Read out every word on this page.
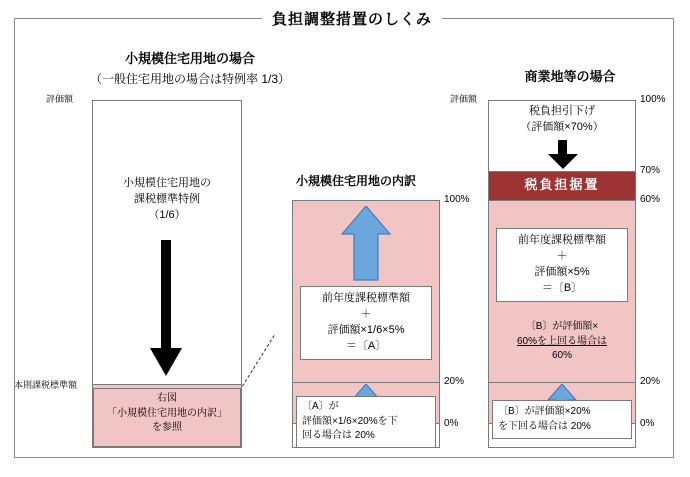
負担調整措置のしくみ
小規模住宅用地の場合
（一般住宅用地の場合は特例率 1/3）
評価額
本則課税標準額
小規模住宅用地の
課税標準特例
（1/6）
右図
「小規模住宅用地の内訳」
を参照
小規模住宅用地の内訳
100%
20%
0%
前年度課税標準額
＋
評価額×1/6×5%
＝〔A〕
〔A〕が
評価額×1/6×20%を下
回る場合は 20%
商業地等の場合
評価額	100%
70%
60%
20%
0%
税負担引下げ
（評価額×70%）
税負担据置
前年度課税標準額
＋
評価額×5%
＝〔B〕
〔B〕が評価額×
60%を上回る場合は
60%
〔B〕が評価額×20%
を下回る場合は 20%
